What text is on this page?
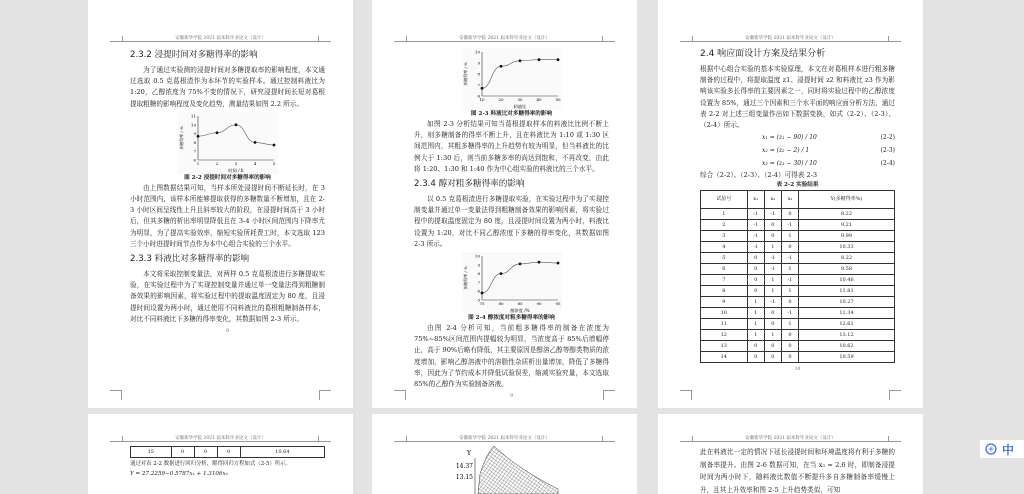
安徽新华学院 2021 届本科毕业论文（设计）
2.3.2 浸提时间对多糖得率的影响
为了通过实验测的浸提时间对多糖提取率的影响程度，本文通过选取 0.5 克葛根渣作为本环节的实验样本。通过控制料液比为 1:20，乙醇浓度为 75%不变的情况下，研究浸提时间长短对葛根提取粗糖的影响程度及变化趋势，测量结果如图 2.2 所示。
6
7
8
9
10
11
1	2	3	4	5
时间 / h
多糖得率 / %
图 2-2 浸提时间对多糖得率的影响
由上图数据结果可知，当样本所处浸提时间不断延长时，在 3 小时范围内，该样本所能够提取获得的多糖数量不断增加，且在 2-3 小时区间呈线性上升且斜率较大的阶段，在浸提时间高于 3 小时后，但其多糖的析出率明显降低且在 3-4 小时区间范围内下降率尤为明显，为了提高实验效率，缩短实验所耗费工时，本文选取 123 三个小时进提时间节点作为本中心组合实验的三个水平。
2.3.3 料液比对多糖得率的影响
本文将采取控制变量法，对两样 0.5 克葛根渣进行多糖提取实验，在实验过程中为了实现控制变量并通过单一变量法得到粗糖制备效果的影响因素，将实验过程中的提取温度固定为 80 度，且浸提时间设置为两小时，通过使用不同料液比的葛根粗糖制备样本，对比不同料液比下多糖的得率变化，其数据如图 2-3 所示。
8
安徽新华学院 2021 届本科毕业论文（设计）
6
7
8
9
10
10	20	30	40	50
料液比
多糖得率 / %
图 2-3 料液比对多糖得率的影响
如图 2-3 分析结果可知当葛根提取样本的料液比比例不断上升，则多糖制备的得率不断上升，且在料液比为 1:10 或 1:30 区间范围内，其粗多糖得率的上升趋势有较为明显，但当料液比的比例大于 1:30 后，则当前多糖多率的尚达到饱和，不再改变，由此将 1:20、1:30 和 1:40 作为中心组实验的料液比的三个水平。
2.3.4 醇对粗多糖得率的影响
以 0.5 克葛根渣进行多糖提取实验，在实验过程中为了实现控制变量并通过单一变量法得到粗糖制备效果的影响因素，将实验过程中的提取温度固定为 80 度，且浸提时间设置为两小时，料液比设置为 1:20，对比不同乙醇浓度下多糖的得率变化，其数据如图 2-3 所示。
5
6
7
8
9
10
75	80	85	90	95
醇浓度 /%
多糖得率 / %
图 2-4 醇浓度对粗多糖得率的影响
由图 2-4 分析可知，当前粗多糖得率的制备在浓度为 75%~85%区间范围内提幅较为明显，当浓度高于 85%后增幅停止，高于 90%后略有降低，其主要原因是醇溶乙醇等醇类物质的浓度增加，影响乙醇溶液中的溶脂性杂质析出量增加，降低了多糖得率，因此为了节约成本并降低试验误差，缩减实验究量，本文选取 85%的乙醇作为实验制备溶液。
9
安徽新华学院 2021 届本科毕业论文（设计）
2.4 响应面设计方案及结果分析
根据中心组合实验的基本实验原理，本文在对葛根样本进行粗多糖制备的过程中，将提取温度 z1、浸提时间 z2 和料液比 z3 作为影响该实验多长得率的主要因素之一，同时将实验过程中的乙醇浓度设置为 85%，通过三个因素和三个水平面的响应面分析方法，通过表 2-2 对上述三组变量作出如下数据变换，如式（2-2）、（2-3）、（2-4）所示。
x₁ = (z₁ − 90) / 10	(2-2)
x₂ = (z₂ − 2) / 1	(2-3)
x₃ = (z₃ − 30) / 10	(2-4)
综合（2-2）、（2-3）、（2-4）可得表 2-3
表 2-2 实验结果
试验号	x₁	x₂	x₃	Y(多糖得率%)
1	-1	-1	0	8.22
2	-1	0	-1	9.21
3	-1	0	1	9.99
4	-1	1	0	10.33
5	0	-1	-1	8.22
6	0	-1	1	9.58
7	0	1	-1	10.46
8	0	1	1	11.81
9	1	-1	0	10.27
10	1	0	-1	11.34
11	1	0	1	12.61
12	1	1	0	13.12
13	0	0	0	10.62
14	0	0	0	10.59
10
安徽新华学院 2021 届本科毕业论文（设计）
15	0	0	0	10.64
通过对表 2-2 数据进行回归分析，解得回归方程如式（2-5）所示。
Y = 27.2259−0.5787x₁ + 1.3106x₂
安徽新华学院 2021 届本科毕业论文（设计）
Y
14.37
13.15
安徽新华学院 2021 届本科毕业论文（设计）
此在料液比一定的情况下延长浸提时间和环境温度将有利于多糖的制备率提升。由图 2-6 数据可知，在当 x₃ = 2.6 时，即制备浸提时间为两小时下，随料液比数值不断提升多自多糖制备率缓慢上升，且其上升效率和图 2-5 上升趋势类似，可知
中
